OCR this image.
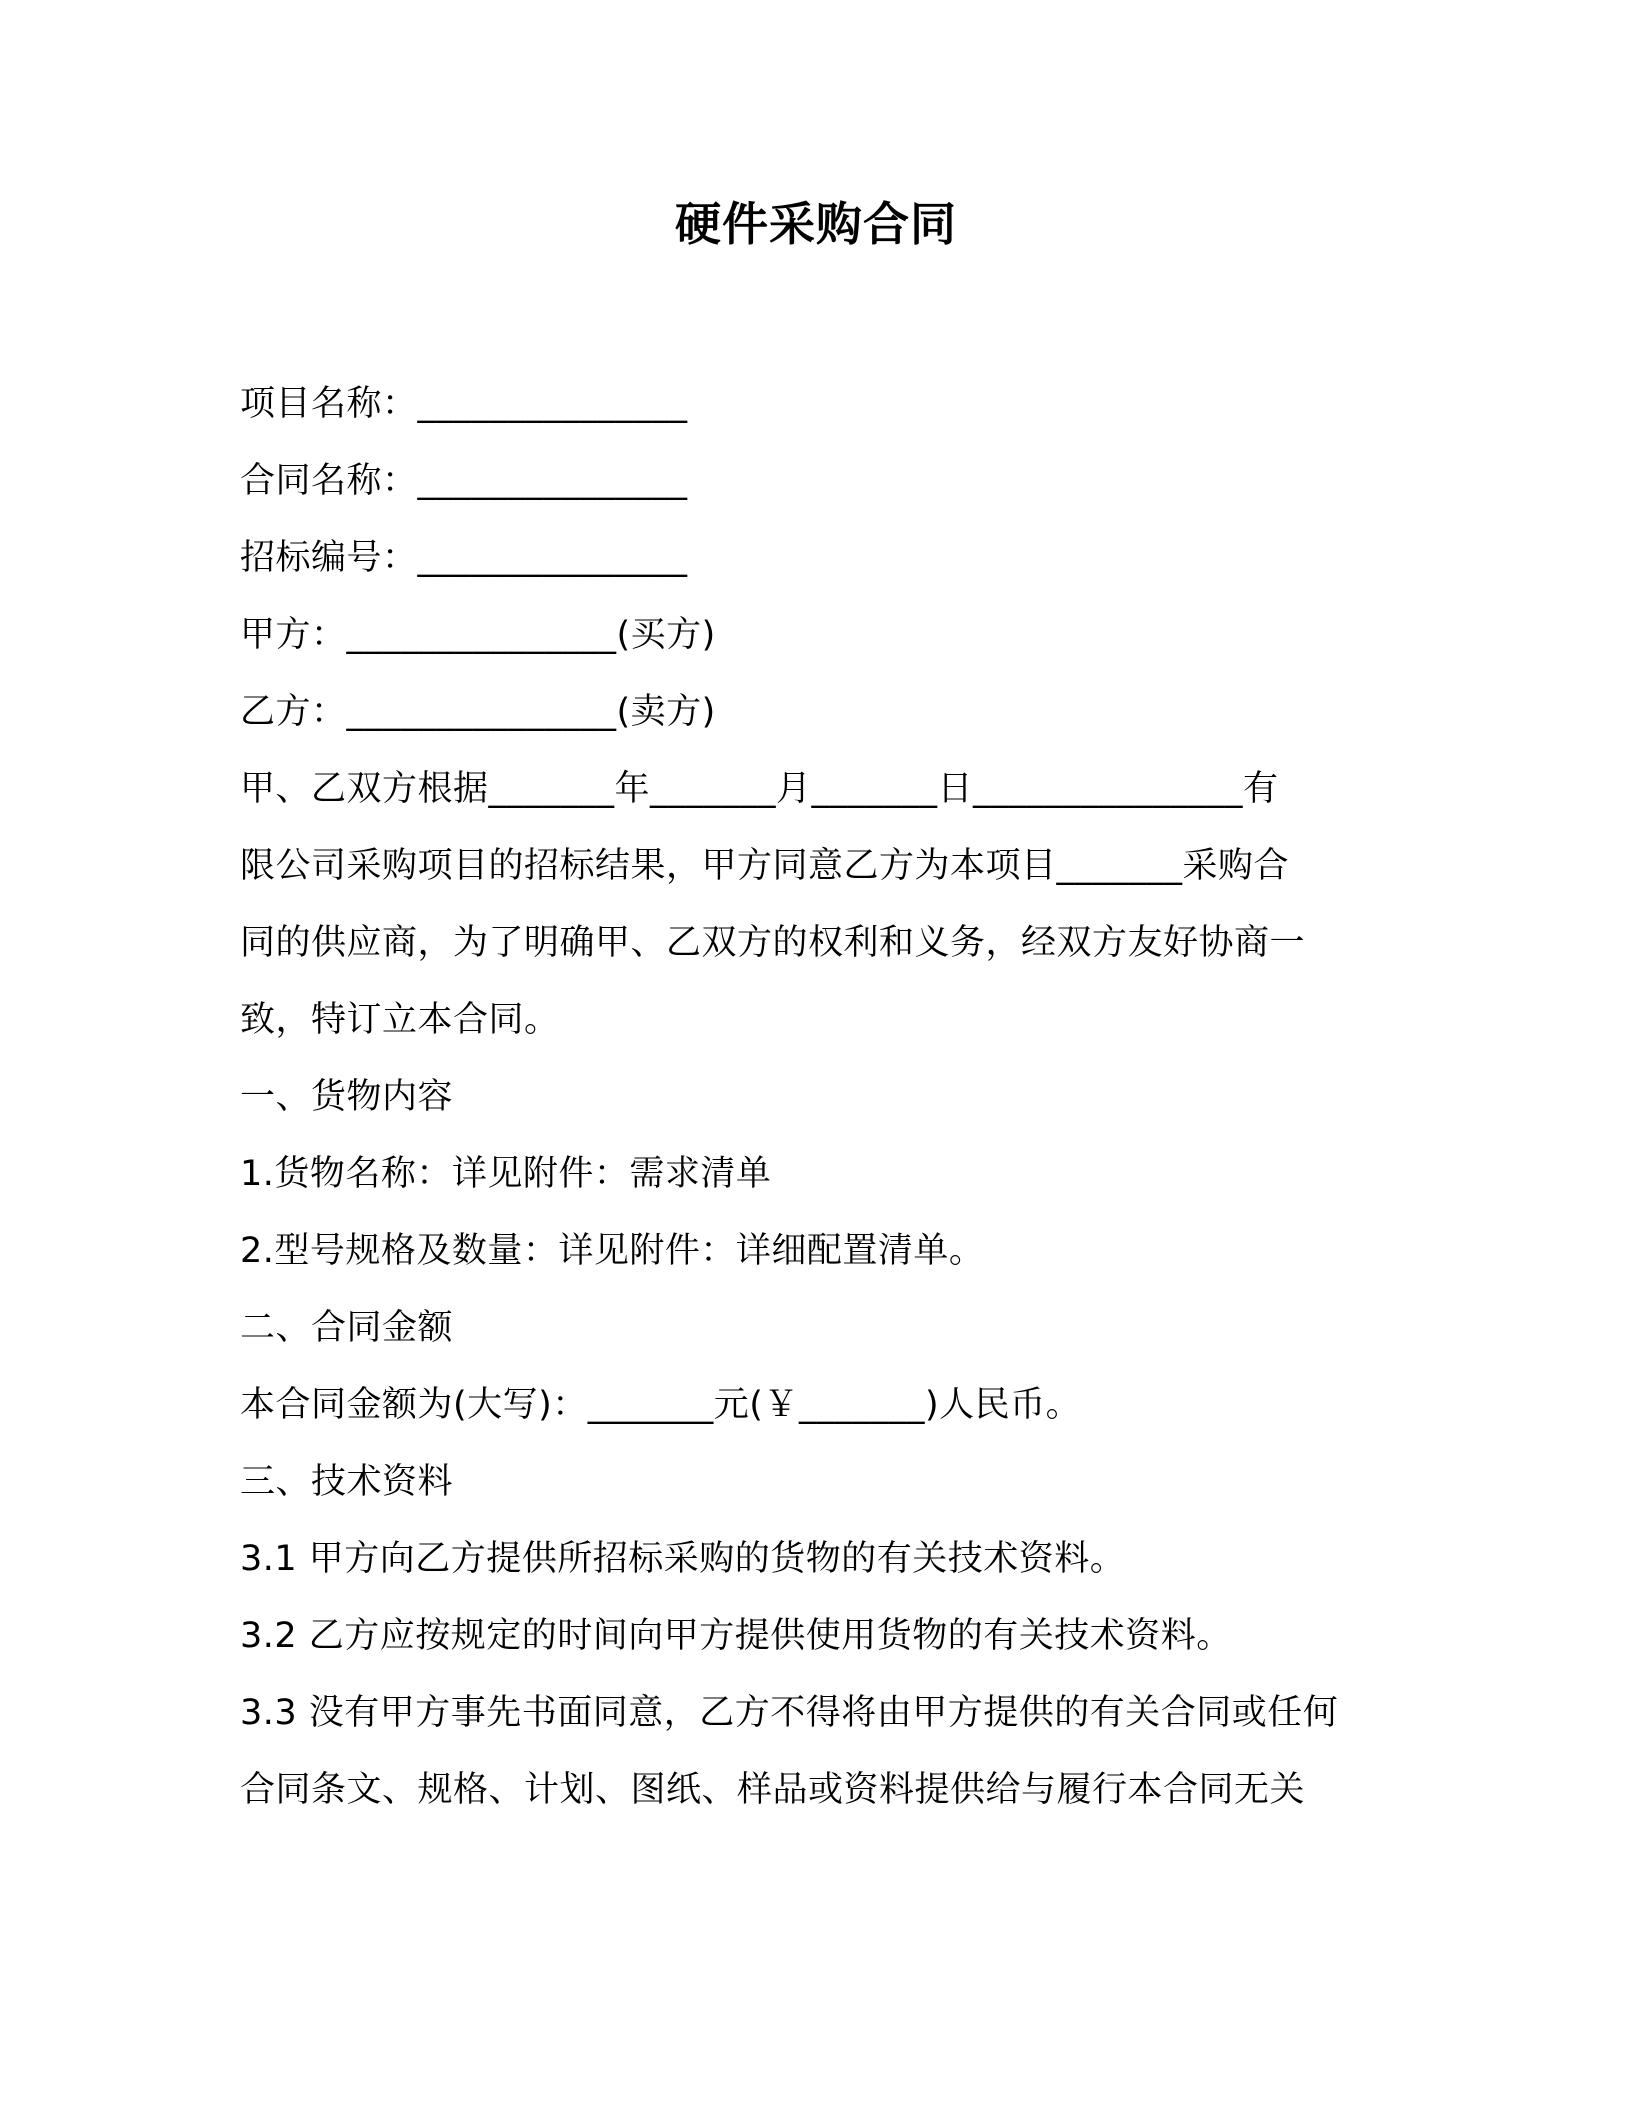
硬件采购合同
项目名称：_______________
合同名称：_______________
招标编号：_______________
甲方：_______________(买方)
乙方：_______________(卖方)
甲、乙双方根据_______年_______月_______日_______________有
限公司采购项目的招标结果，甲方同意乙方为本项目_______采购合
同的供应商，为了明确甲、乙双方的权利和义务，经双方友好协商一
致，特订立本合同。
一、货物内容
1.货物名称：详见附件：需求清单
2.型号规格及数量：详见附件：详细配置清单。
二、合同金额
本合同金额为(大写)：_______元(￥_______)人民币。
三、技术资料
3.1 甲方向乙方提供所招标采购的货物的有关技术资料。
3.2 乙方应按规定的时间向甲方提供使用货物的有关技术资料。
3.3 没有甲方事先书面同意，乙方不得将由甲方提供的有关合同或任何
合同条文、规格、计划、图纸、样品或资料提供给与履行本合同无关
